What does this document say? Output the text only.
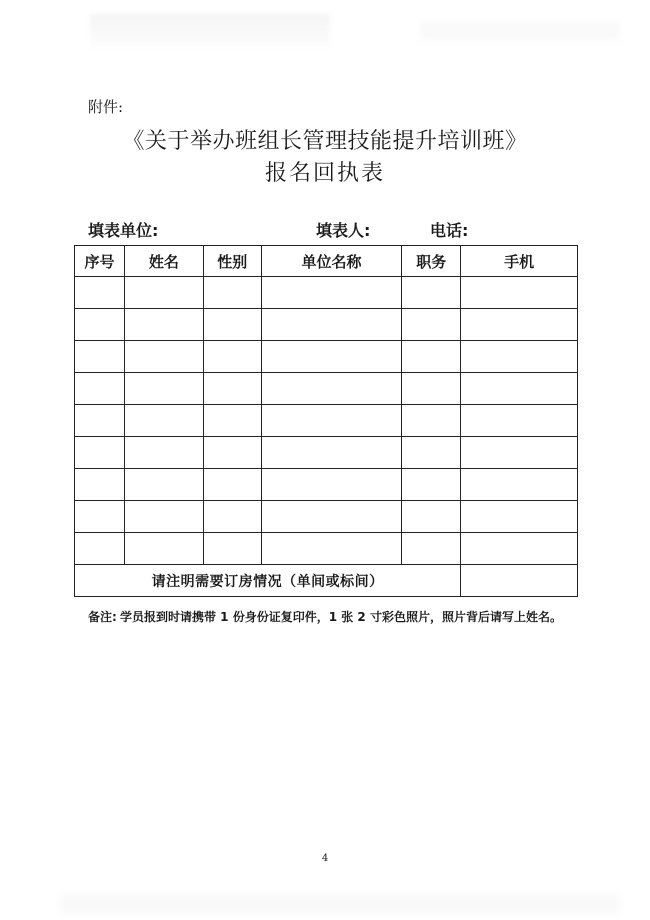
附件:
《关于举办班组长管理技能提升培训班》
报名回执表
填表单位:	填表人:	电话:
序号	姓名	性别	单位名称	职务	手机

请注明需要订房情况（单间或标间）					
备注: 学员报到时请携带 1 份身份证复印件，1 张 2 寸彩色照片，照片背后请写上姓名。
4
